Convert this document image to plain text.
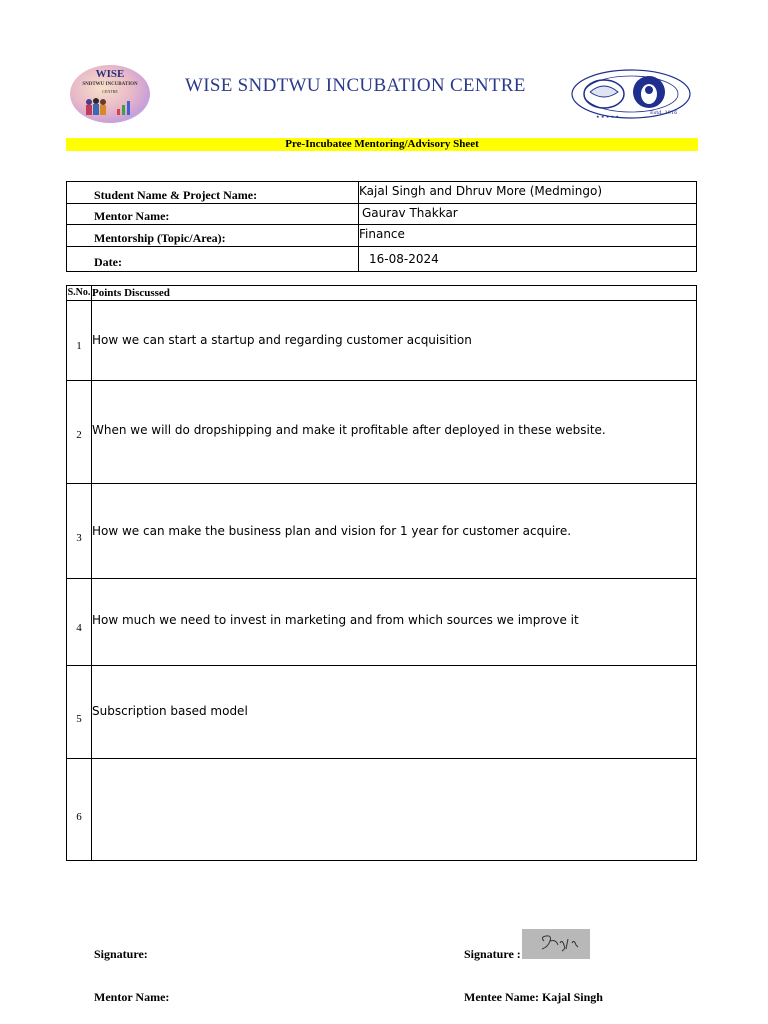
WISE
SNDTWU INCUBATION
CENTRE	WISE SNDTWU INCUBATION CENTRE
★ ★ ★ ★ ★
Estd. 1916
Pre-Incubatee Mentoring/Advisory Sheet
Student Name & Project Name:	Kajal Singh and Dhruv More (Medmingo)
Mentor Name:	Gaurav Thakkar
Mentorship (Topic/Area):	Finance
Date:	16-08-2024
S.No.	Points Discussed
1	How we can start a startup and regarding customer acquisition
2	When we will do dropshipping and make it profitable after deployed in these website.
3	How we can make the business plan and vision for 1 year for customer acquire.
4	How much we need to invest in marketing and from which sources we improve it
5	Subscription based model
6	
Signature:	Signature :
Mentor Name:	Mentee Name: Kajal Singh
